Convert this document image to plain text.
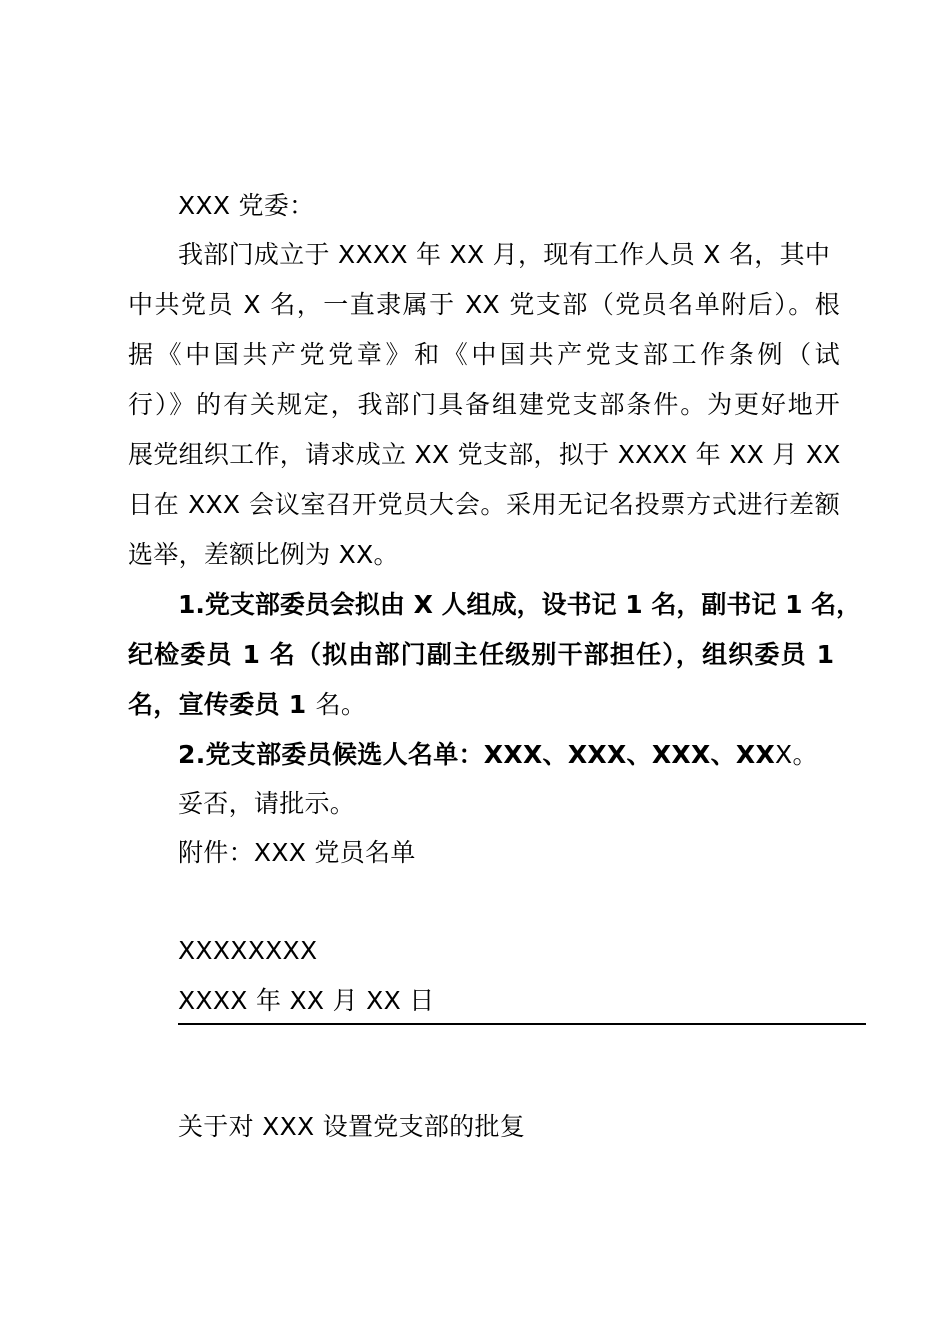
XXX 党委：
我部门成立于 XXXX 年 XX 月，现有工作人员 X 名，其中
中共党员 X 名，一直隶属于 XX 党支部（党员名单附后）。根
据《中国共产党党章》和《中国共产党支部工作条例（试
行）》的有关规定，我部门具备组建党支部条件。为更好地开
展党组织工作，请求成立 XX 党支部，拟于 XXXX 年 XX 月 XX
日在 XXX 会议室召开党员大会。采用无记名投票方式进行差额
选举，差额比例为 XX。
1.党支部委员会拟由 X 人组成，设书记 1 名，副书记 1 名，
纪检委员 1 名（拟由部门副主任级别干部担任），组织委员 1
名，宣传委员 1 名。
2.党支部委员候选人名单：XXX、XXX、XXX、XXX。
妥否，请批示。
附件：XXX 党员名单
XXXXXXXX
XXXX 年 XX 月 XX 日
关于对 XXX 设置党支部的批复
